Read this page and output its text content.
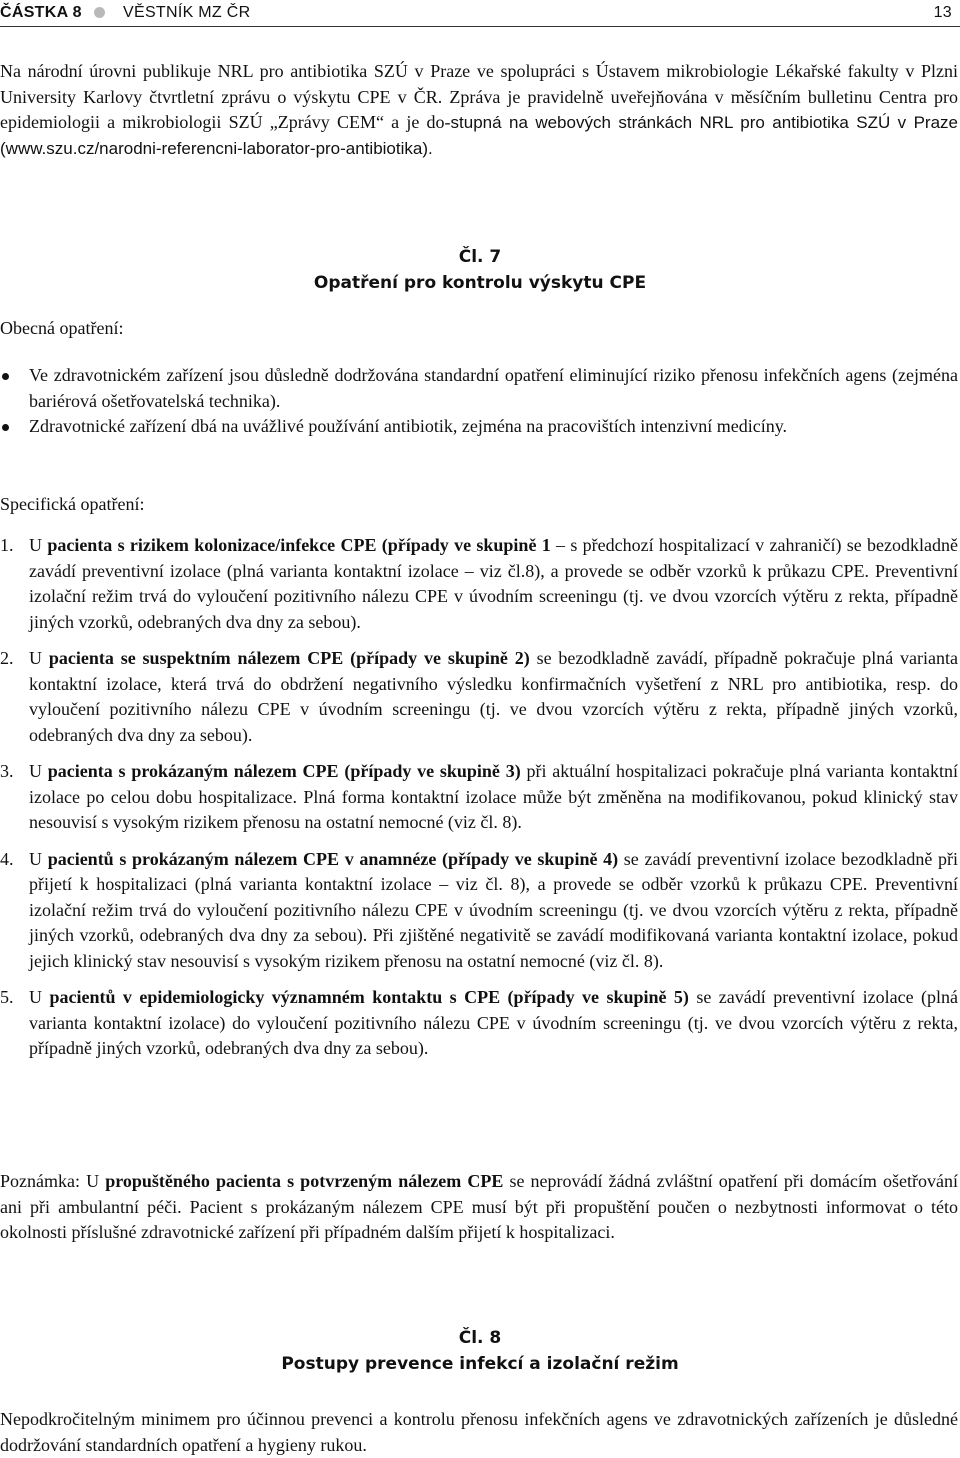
ČÁSTKA 8	VĚSTNÍK MZ ČR	13

Na národní úrovni publikuje NRL pro antibiotika SZÚ v Praze ve spolupráci s Ústavem mikrobiologie Lékařské fakulty v Plzni University Karlovy čtvrtletní zprávu o výskytu CPE v ČR. Zpráva je pravidelně uveřejňována v měsíčním bulletinu Centra pro epidemiologii a mikrobiologii SZÚ „Zprávy CEM“ a je do-stupná na webových stránkách NRL pro antibiotika SZÚ v Praze (www.szu.cz/narodni-referencni-laborator-pro-antibiotika).

Čl. 7
Opatření pro kontrolu výskytu CPE
Obecná opatření:
Ve zdravotnickém zařízení jsou důsledně dodržována standardní opatření eliminující riziko přenosu infekčních agens (zejména bariérová ošetřovatelská technika).
Zdravotnické zařízení dbá na uvážlivé používání antibiotik, zejména na pracovištích intenzivní medicíny.
Specifická opatření:
1. U pacienta s rizikem kolonizace/infekce CPE (případy ve skupině 1 – s předchozí hospitalizací v zahraničí) se bezodkladně zavádí preventivní izolace (plná varianta kontaktní izolace – viz čl.8), a provede se odběr vzorků k průkazu CPE. Preventivní izolační režim trvá do vyloučení pozitivního nálezu CPE v úvodním screeningu (tj. ve dvou vzorcích výtěru z rekta, případně jiných vzorků, odebraných dva dny za sebou).
2. U pacienta se suspektním nálezem CPE (případy ve skupině 2) se bezodkladně zavádí, případně pokračuje plná varianta kontaktní izolace, která trvá do obdržení negativního výsledku konfirmačních vyšetření z NRL pro antibiotika, resp. do vyloučení pozitivního nálezu CPE v úvodním screeningu (tj. ve dvou vzorcích výtěru z rekta, případně jiných vzorků, odebraných dva dny za sebou).
3. U pacienta s prokázaným nálezem CPE (případy ve skupině 3) při aktuální hospitalizaci pokračuje plná varianta kontaktní izolace po celou dobu hospitalizace. Plná forma kontaktní izolace může být změněna na modifikovanou, pokud klinický stav nesouvisí s vysokým rizikem přenosu na ostatní nemocné (viz čl. 8).
4. U pacientů s prokázaným nálezem CPE v anamnéze (případy ve skupině 4) se zavádí preventivní izolace bezodkladně při přijetí k hospitalizaci (plná varianta kontaktní izolace – viz čl. 8), a provede se odběr vzorků k průkazu CPE. Preventivní izolační režim trvá do vyloučení pozitivního nálezu CPE v úvodním screeningu (tj. ve dvou vzorcích výtěru z rekta, případně jiných vzorků, odebraných dva dny za sebou). Při zjištěné negativitě se zavádí modifikovaná varianta kontaktní izolace, pokud jejich klinický stav nesouvisí s vysokým rizikem přenosu na ostatní nemocné (viz čl. 8).
5. U pacientů v epidemiologicky významném kontaktu s CPE (případy ve skupině 5) se zavádí preventivní izolace (plná varianta kontaktní izolace) do vyloučení pozitivního nálezu CPE v úvodním screeningu (tj. ve dvou vzorcích výtěru z rekta, případně jiných vzorků, odebraných dva dny za sebou).

Poznámka: U propuštěného pacienta s potvrzeným nálezem CPE se neprovádí žádná zvláštní opatření při domácím ošetřování ani při ambulantní péči. Pacient s prokázaným nálezem CPE musí být při propuštění poučen o nezbytnosti informovat o této okolnosti příslušné zdravotnické zařízení při případném dalším přijetí k hospitalizaci.

Čl. 8
Postupy prevence infekcí a izolační režim

Nepodkročitelným minimem pro účinnou prevenci a kontrolu přenosu infekčních agens ve zdravotnických zařízeních je důsledné dodržování standardních opatření a hygieny rukou.
